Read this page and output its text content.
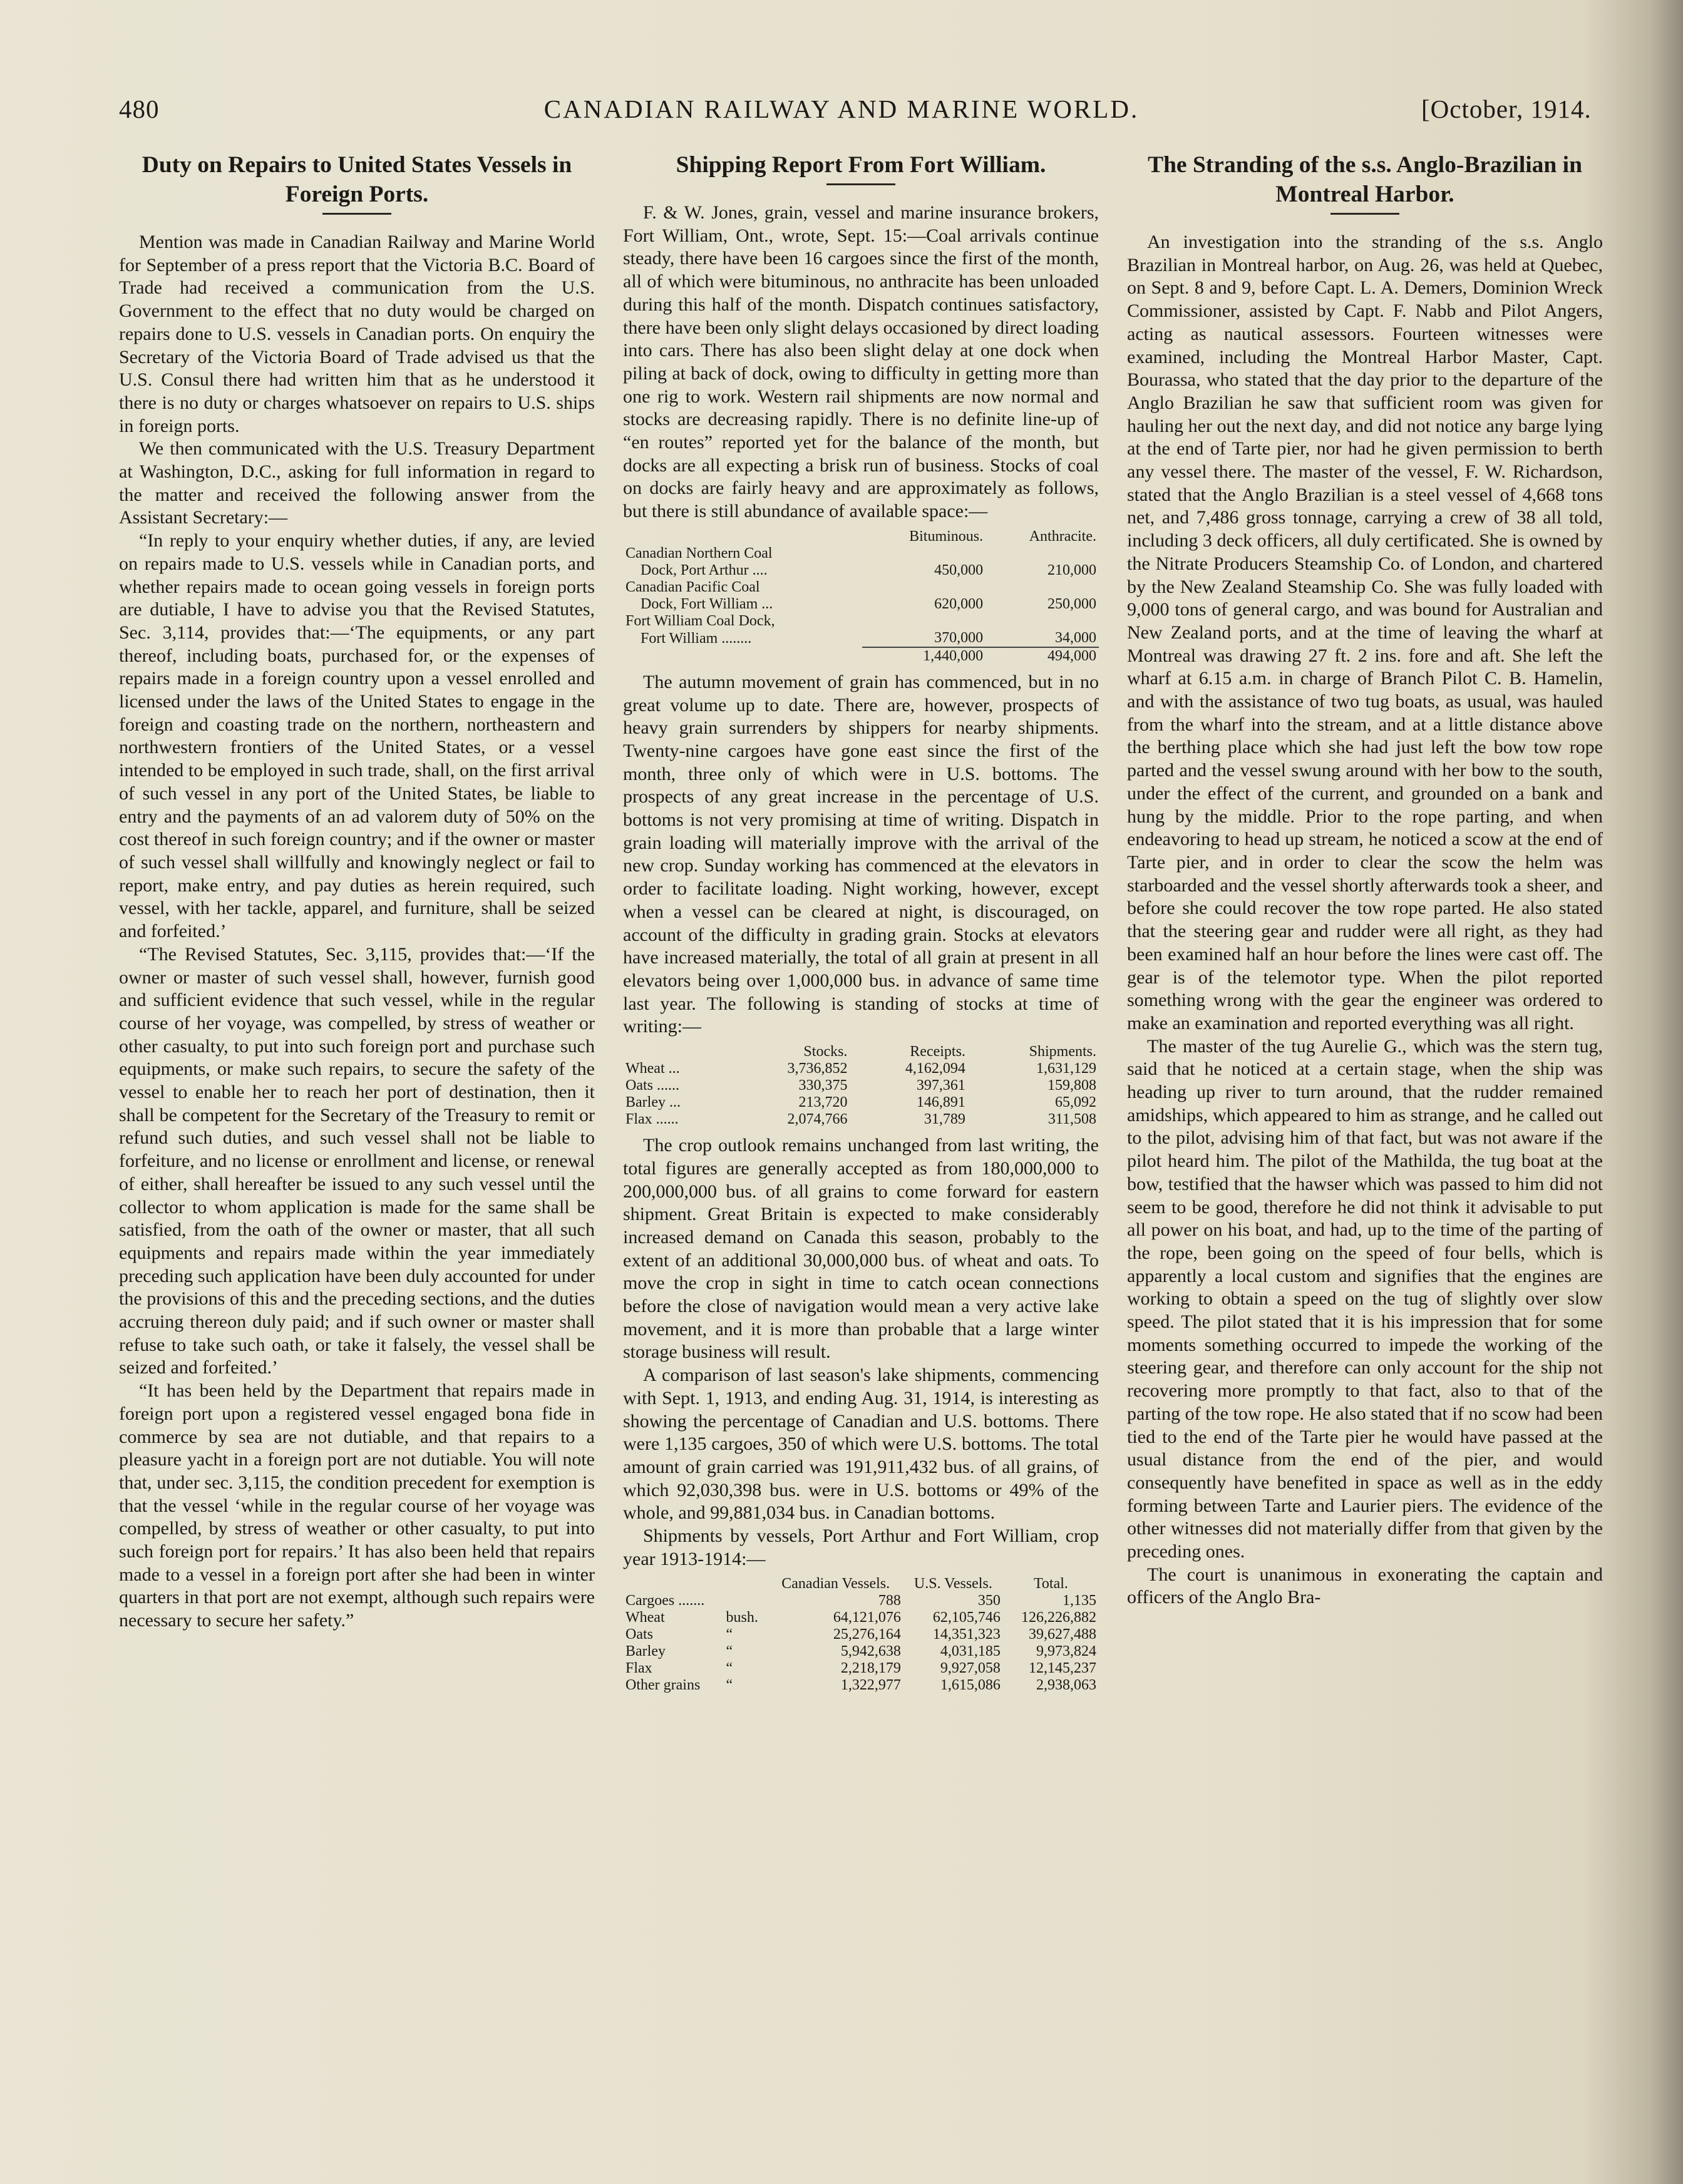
480	CANADIAN RAILWAY AND MARINE WORLD.	[October, 1914.
Duty on Repairs to United States Vessels in Foreign Ports.

Mention was made in Canadian Railway and Marine World for September of a press report that the Victoria B.C. Board of Trade had received a communication from the U.S. Government to the effect that no duty would be charged on repairs done to U.S. vessels in Canadian ports. On enquiry the Secretary of the Victoria Board of Trade advised us that the U.S. Consul there had written him that as he understood it there is no duty or charges whatsoever on repairs to U.S. ships in foreign ports.

We then communicated with the U.S. Treasury Department at Washington, D.C., asking for full information in regard to the matter and received the following answer from the Assistant Secretary:—

“In reply to your enquiry whether duties, if any, are levied on repairs made to U.S. vessels while in Canadian ports, and whether repairs made to ocean going vessels in foreign ports are dutiable, I have to advise you that the Revised Statutes, Sec. 3,114, provides that:—‘The equipments, or any part thereof, including boats, purchased for, or the expenses of repairs made in a foreign country upon a vessel enrolled and licensed under the laws of the United States to engage in the foreign and coasting trade on the northern, northeastern and northwestern frontiers of the United States, or a vessel intended to be employed in such trade, shall, on the first arrival of such vessel in any port of the United States, be liable to entry and the payments of an ad valorem duty of 50% on the cost thereof in such foreign country; and if the owner or master of such vessel shall willfully and knowingly neglect or fail to report, make entry, and pay duties as herein required, such vessel, with her tackle, apparel, and furniture, shall be seized and forfeited.’

“The Revised Statutes, Sec. 3,115, provides that:—‘If the owner or master of such vessel shall, however, furnish good and sufficient evidence that such vessel, while in the regular course of her voyage, was compelled, by stress of weather or other casualty, to put into such foreign port and purchase such equipments, or make such repairs, to secure the safety of the vessel to enable her to reach her port of destination, then it shall be competent for the Secretary of the Treasury to remit or refund such duties, and such vessel shall not be liable to forfeiture, and no license or enrollment and license, or renewal of either, shall hereafter be issued to any such vessel until the collector to whom application is made for the same shall be satisfied, from the oath of the owner or master, that all such equipments and repairs made within the year immediately preceding such application have been duly accounted for under the provisions of this and the preceding sections, and the duties accruing thereon duly paid; and if such owner or master shall refuse to take such oath, or take it falsely, the vessel shall be seized and forfeited.’

“It has been held by the Department that repairs made in foreign port upon a registered vessel engaged bona fide in commerce by sea are not dutiable, and that repairs to a pleasure yacht in a foreign port are not dutiable. You will note that, under sec. 3,115, the condition precedent for exemption is that the vessel ‘while in the regular course of her voyage was compelled, by stress of weather or other casualty, to put into such foreign port for repairs.’ It has also been held that repairs made to a vessel in a foreign port after she had been in winter quarters in that port are not exempt, although such repairs were necessary to secure her safety.”

Shipping Report From Fort William.

F. & W. Jones, grain, vessel and marine insurance brokers, Fort William, Ont., wrote, Sept. 15:—Coal arrivals continue steady, there have been 16 cargoes since the first of the month, all of which were bituminous, no anthracite has been unloaded during this half of the month. Dispatch continues satisfactory, there have been only slight delays occasioned by direct loading into cars. There has also been slight delay at one dock when piling at back of dock, owing to difficulty in getting more than one rig to work. Western rail shipments are now normal and stocks are decreasing rapidly. There is no definite line-up of “en routes” reported yet for the balance of the month, but docks are all expecting a brisk run of business. Stocks of coal on docks are fairly heavy and are approximately as follows, but there is still abundance of available space:—

	Bituminous.	Anthracite.
Canadian Northern Coal		
Dock, Port Arthur ....	450,000	210,000
Canadian Pacific Coal		
Dock, Fort William ...	620,000	250,000
Fort William Coal Dock,		
Fort William ........	370,000	34,000
	1,440,000	494,000

The autumn movement of grain has commenced, but in no great volume up to date. There are, however, prospects of heavy grain surrenders by shippers for nearby shipments. Twenty-nine cargoes have gone east since the first of the month, three only of which were in U.S. bottoms. The prospects of any great increase in the percentage of U.S. bottoms is not very promising at time of writing. Dispatch in grain loading will materially improve with the arrival of the new crop. Sunday working has commenced at the elevators in order to facilitate loading. Night working, however, except when a vessel can be cleared at night, is discouraged, on account of the difficulty in grading grain. Stocks at elevators have increased materially, the total of all grain at present in all elevators being over 1,000,000 bus. in advance of same time last year. The following is standing of stocks at time of writing:—

	Stocks.	Receipts.	Shipments.
Wheat ...	3,736,852	4,162,094	1,631,129
Oats ......	330,375	397,361	159,808
Barley ...	213,720	146,891	65,092
Flax ......	2,074,766	31,789	311,508

The crop outlook remains unchanged from last writing, the total figures are generally accepted as from 180,000,000 to 200,000,000 bus. of all grains to come forward for eastern shipment. Great Britain is expected to make considerably increased demand on Canada this season, probably to the extent of an additional 30,000,000 bus. of wheat and oats. To move the crop in sight in time to catch ocean connections before the close of navigation would mean a very active lake movement, and it is more than probable that a large winter storage business will result.

A comparison of last season's lake shipments, commencing with Sept. 1, 1913, and ending Aug. 31, 1914, is interesting as showing the percentage of Canadian and U.S. bottoms. There were 1,135 cargoes, 350 of which were U.S. bottoms. The total amount of grain carried was 191,911,432 bus. of all grains, of which 92,030,398 bus. were in U.S. bottoms or 49% of the whole, and 99,881,034 bus. in Canadian bottoms.

Shipments by vessels, Port Arthur and Fort William, crop year 1913-1914:—

		Canadian Vessels.	U.S. Vessels.	Total.
Cargoes .......		788	350	1,135
Wheat	bush.	64,121,076	62,105,746	126,226,882
Oats	“	25,276,164	14,351,323	39,627,488
Barley	“	5,942,638	4,031,185	9,973,824
Flax	“	2,218,179	9,927,058	12,145,237
Other grains	“	1,322,977	1,615,086	2,938,063
The Stranding of the s.s. Anglo-Brazilian in Montreal Harbor.

An investigation into the stranding of the s.s. Anglo Brazilian in Montreal harbor, on Aug. 26, was held at Quebec, on Sept. 8 and 9, before Capt. L. A. Demers, Dominion Wreck Commissioner, assisted by Capt. F. Nabb and Pilot Angers, acting as nautical assessors. Fourteen witnesses were examined, including the Montreal Harbor Master, Capt. Bourassa, who stated that the day prior to the departure of the Anglo Brazilian he saw that sufficient room was given for hauling her out the next day, and did not notice any barge lying at the end of Tarte pier, nor had he given permission to berth any vessel there. The master of the vessel, F. W. Richardson, stated that the Anglo Brazilian is a steel vessel of 4,668 tons net, and 7,486 gross tonnage, carrying a crew of 38 all told, including 3 deck officers, all duly certificated. She is owned by the Nitrate Producers Steamship Co. of London, and chartered by the New Zealand Steamship Co. She was fully loaded with 9,000 tons of general cargo, and was bound for Australian and New Zealand ports, and at the time of leaving the wharf at Montreal was drawing 27 ft. 2 ins. fore and aft. She left the wharf at 6.15 a.m. in charge of Branch Pilot C. B. Hamelin, and with the assistance of two tug boats, as usual, was hauled from the wharf into the stream, and at a little distance above the berthing place which she had just left the bow tow rope parted and the vessel swung around with her bow to the south, under the effect of the current, and grounded on a bank and hung by the middle. Prior to the rope parting, and when endeavoring to head up stream, he noticed a scow at the end of Tarte pier, and in order to clear the scow the helm was starboarded and the vessel shortly afterwards took a sheer, and before she could recover the tow rope parted. He also stated that the steering gear and rudder were all right, as they had been examined half an hour before the lines were cast off. The gear is of the telemotor type. When the pilot reported something wrong with the gear the engineer was ordered to make an examination and reported everything was all right.

The master of the tug Aurelie G., which was the stern tug, said that he noticed at a certain stage, when the ship was heading up river to turn around, that the rudder remained amidships, which appeared to him as strange, and he called out to the pilot, advising him of that fact, but was not aware if the pilot heard him. The pilot of the Mathilda, the tug boat at the bow, testified that the hawser which was passed to him did not seem to be good, therefore he did not think it advisable to put all power on his boat, and had, up to the time of the parting of the rope, been going on the speed of four bells, which is apparently a local custom and signifies that the engines are working to obtain a speed on the tug of slightly over slow speed. The pilot stated that it is his impression that for some moments something occurred to impede the working of the steering gear, and therefore can only account for the ship not recovering more promptly to that fact, also to that of the parting of the tow rope. He also stated that if no scow had been tied to the end of the Tarte pier he would have passed at the usual distance from the end of the pier, and would consequently have benefited in space as well as in the eddy forming between Tarte and Laurier piers. The evidence of the other witnesses did not materially differ from that given by the preceding ones.

The court is unanimous in exonerating the captain and officers of the Anglo Bra-
